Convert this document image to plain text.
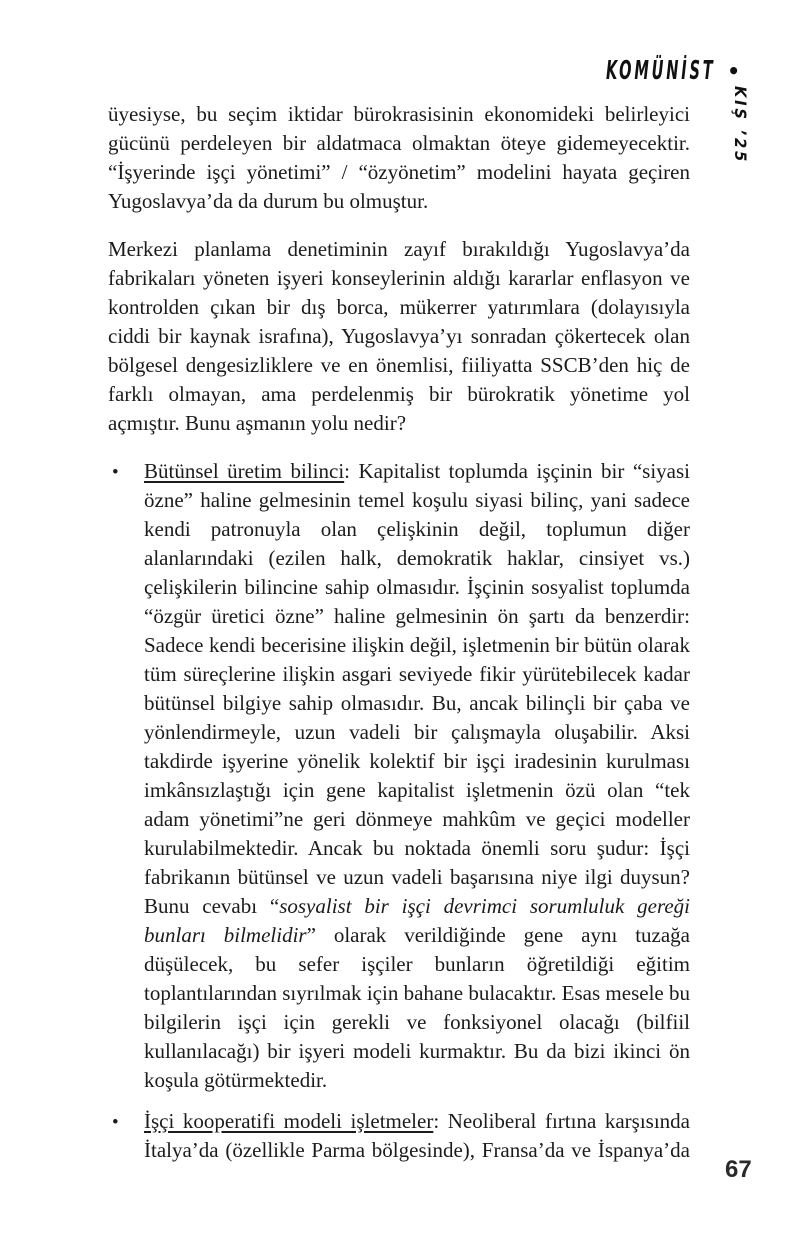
KOMÜNİST •
KIŞ ’25

üyesiyse, bu seçim iktidar bürokrasisinin ekonomideki belirleyici gücünü perdeleyen bir aldatmaca olmaktan öteye gidemeyecektir. “İşyerinde işçi yönetimi” / “özyönetim” modelini hayata geçiren Yugoslavya’da da durum bu olmuştur.

Merkezi planlama denetiminin zayıf bırakıldığı Yugoslavya’da fabrikaları yöneten işyeri konseylerinin aldığı kararlar enflasyon ve kontrolden çıkan bir dış borca, mükerrer yatırımlara (dolayısıyla ciddi bir kaynak israfına), Yugoslavya’yı sonradan çökertecek olan bölgesel dengesizliklere ve en önemlisi, fiiliyatta SSCB’den hiç de farklı olmayan, ama perdelenmiş bir bürokratik yönetime yol açmıştır. Bunu aşmanın yolu nedir?

• Bütünsel üretim bilinci: Kapitalist toplumda işçinin bir “siyasi özne” haline gelmesinin temel koşulu siyasi bilinç, yani sadece kendi patronuyla olan çelişkinin değil, toplumun diğer alanlarındaki (ezilen halk, demokratik haklar, cinsiyet vs.) çelişkilerin bilincine sahip olmasıdır. İşçinin sosyalist toplumda “özgür üretici özne” haline gelmesinin ön şartı da benzerdir: Sadece kendi becerisine ilişkin değil, işletmenin bir bütün olarak tüm süreçlerine ilişkin asgari seviyede fikir yürütebilecek kadar bütünsel bilgiye sahip olmasıdır. Bu, ancak bilinçli bir çaba ve yönlendirmeyle, uzun vadeli bir çalışmayla oluşabilir. Aksi takdirde işyerine yönelik kolektif bir işçi iradesinin kurulması imkânsızlaştığı için gene kapitalist işletmenin özü olan “tek adam yönetimi”ne geri dönmeye mahkûm ve geçici modeller kurulabilmektedir. Ancak bu noktada önemli soru şudur: İşçi fabrikanın bütünsel ve uzun vadeli başarısına niye ilgi duysun? Bunu cevabı “sosyalist bir işçi devrimci sorumluluk gereği bunları bilmelidir” olarak verildiğinde gene aynı tuzağa düşülecek, bu sefer işçiler bunların öğretildiği eğitim toplantılarından sıyrılmak için bahane bulacaktır. Esas mesele bu bilgilerin işçi için gerekli ve fonksiyonel olacağı (bilfiil kullanılacağı) bir işyeri modeli kurmaktır. Bu da bizi ikinci ön koşula götürmektedir.
• İşçi kooperatifi modeli işletmeler: Neoliberal fırtına karşısında İtalya’da (özellikle Parma bölgesinde), Fransa’da ve İspanya’da
67
